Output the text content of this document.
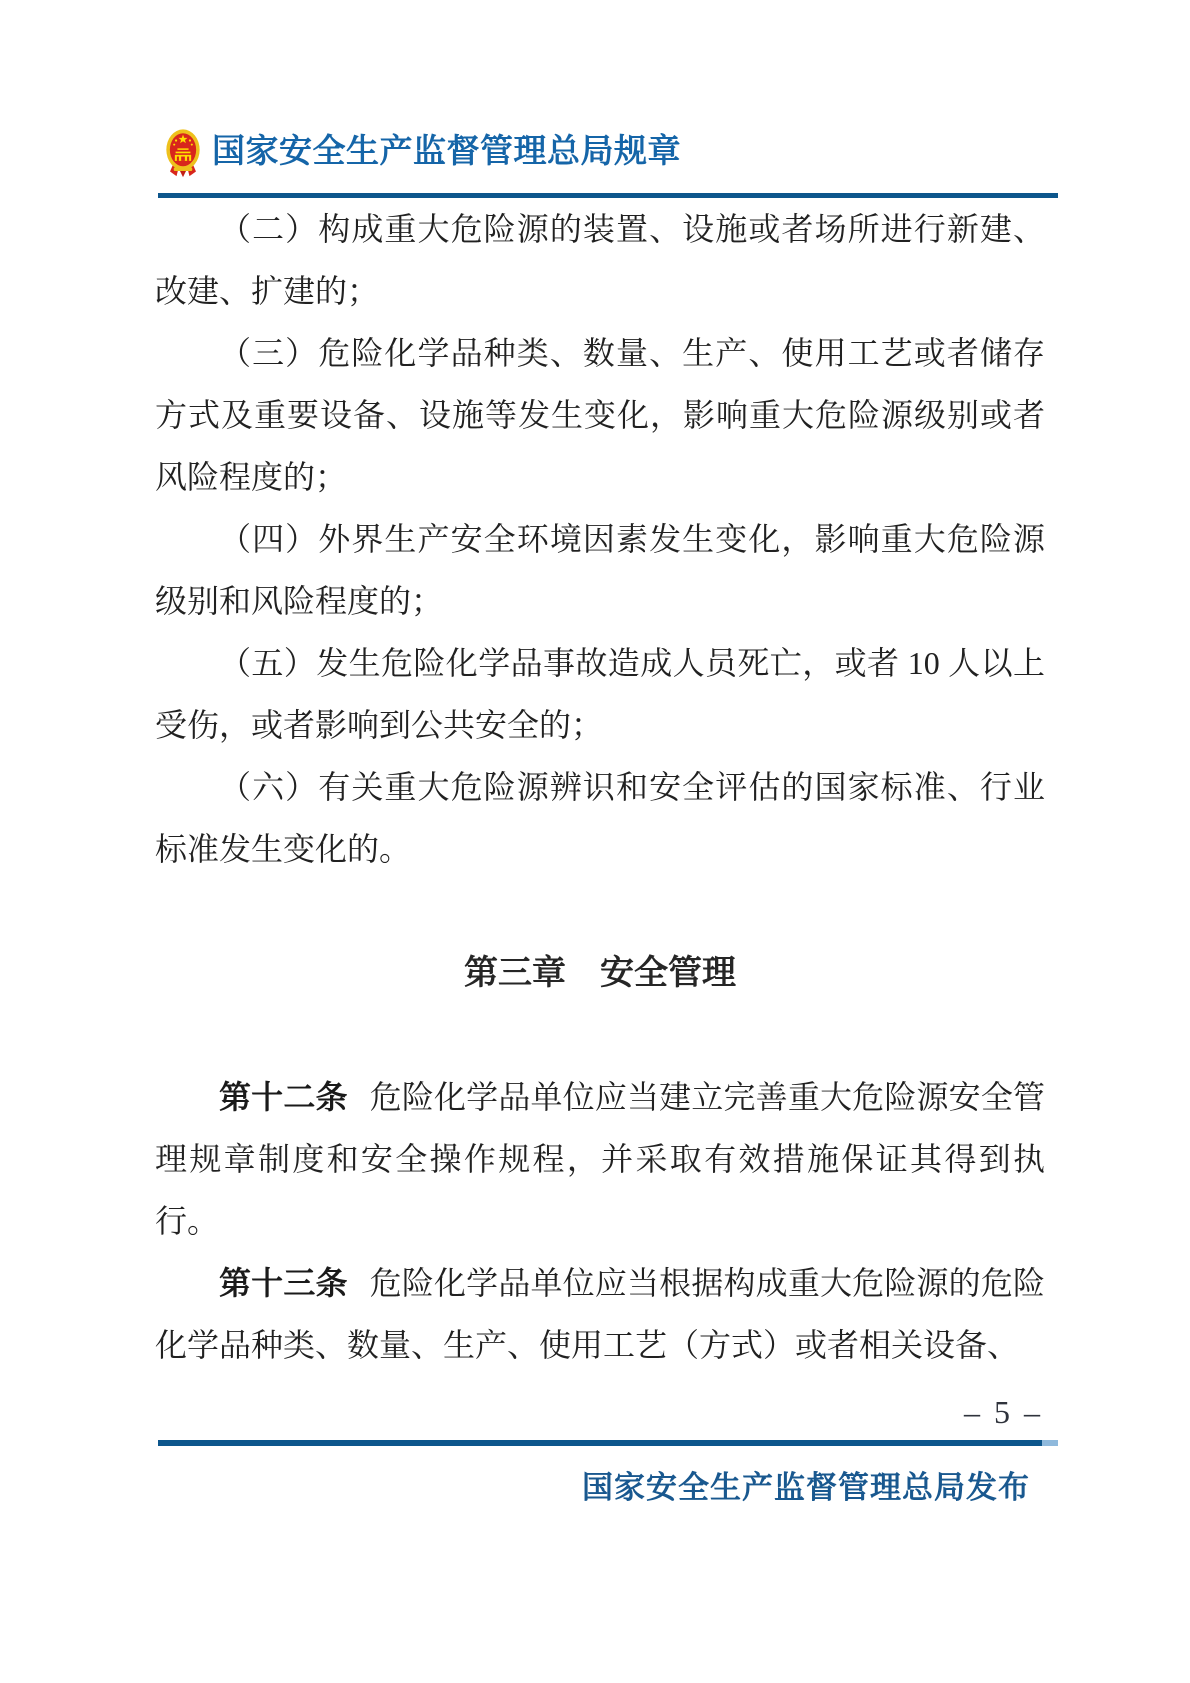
国家安全生产监督管理总局规章

（二）构成重大危险源的装置、设施或者场所进行新建、改建、扩建的；

（三）危险化学品种类、数量、生产、使用工艺或者储存方式及重要设备、设施等发生变化，影响重大危险源级别或者风险程度的；

（四）外界生产安全环境因素发生变化，影响重大危险源级别和风险程度的；

（五）发生危险化学品事故造成人员死亡，或者 10 人以上受伤，或者影响到公共安全的；

（六）有关重大危险源辨识和安全评估的国家标准、行业标准发生变化的。

第三章　安全管理

第十二条 危险化学品单位应当建立完善重大危险源安全管理规章制度和安全操作规程，并采取有效措施保证其得到执行。

第十三条 危险化学品单位应当根据构成重大危险源的危险化学品种类、数量、生产、使用工艺（方式）或者相关设备、

– 5 –
国家安全生产监督管理总局发布
